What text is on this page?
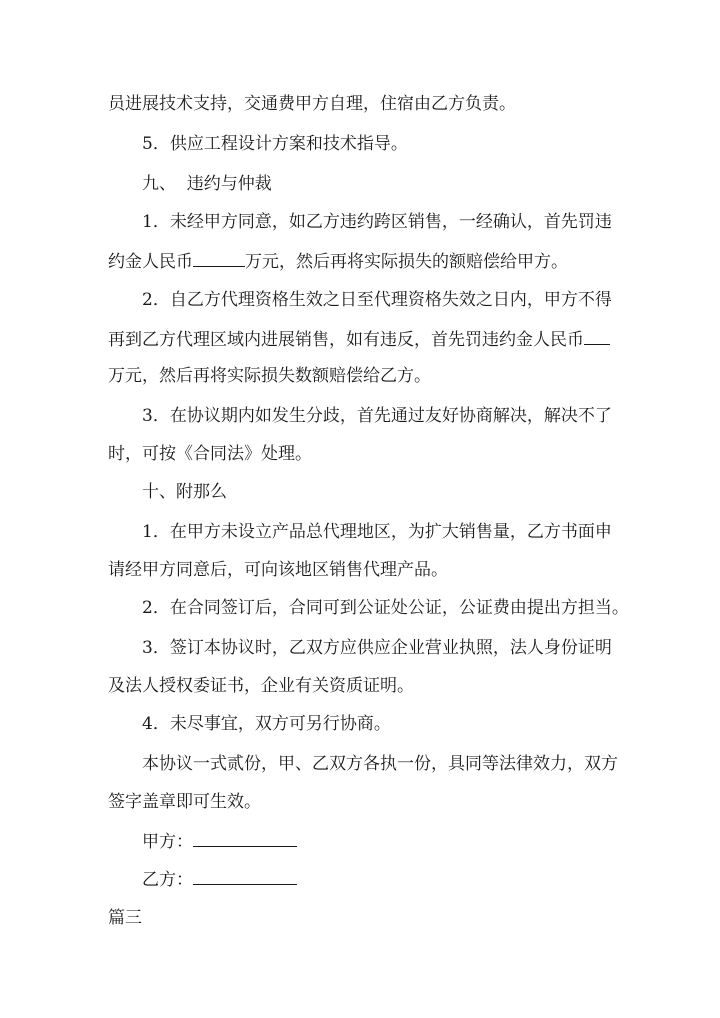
员进展技术支持，交通费甲方自理，住宿由乙方负责。
5．供应工程设计方案和技术指导。
九、  违约与仲裁
1．未经甲方同意，如乙方违约跨区销售，一经确认，首先罚违
约金人民币	万元，然后再将实际损失的额赔偿给甲方。
2．自乙方代理资格生效之日至代理资格失效之日内，甲方不得
再到乙方代理区域内进展销售，如有违反，首先罚违约金人民币
万元，然后再将实际损失数额赔偿给乙方。
3．在协议期内如发生分歧，首先通过友好协商解决，解决不了
时，可按《合同法》处理。
十、附那么
1．在甲方未设立产品总代理地区，为扩大销售量，乙方书面申
请经甲方同意后，可向该地区销售代理产品。
2．在合同签订后，合同可到公证处公证，公证费由提出方担当。
3．签订本协议时，乙双方应供应企业营业执照，法人身份证明
及法人授权委证书，企业有关资质证明。
4．未尽事宜，双方可另行协商。
本协议一式贰份，甲、乙双方各执一份，具同等法律效力，双方
签字盖章即可生效。
甲方：
乙方：
篇三
